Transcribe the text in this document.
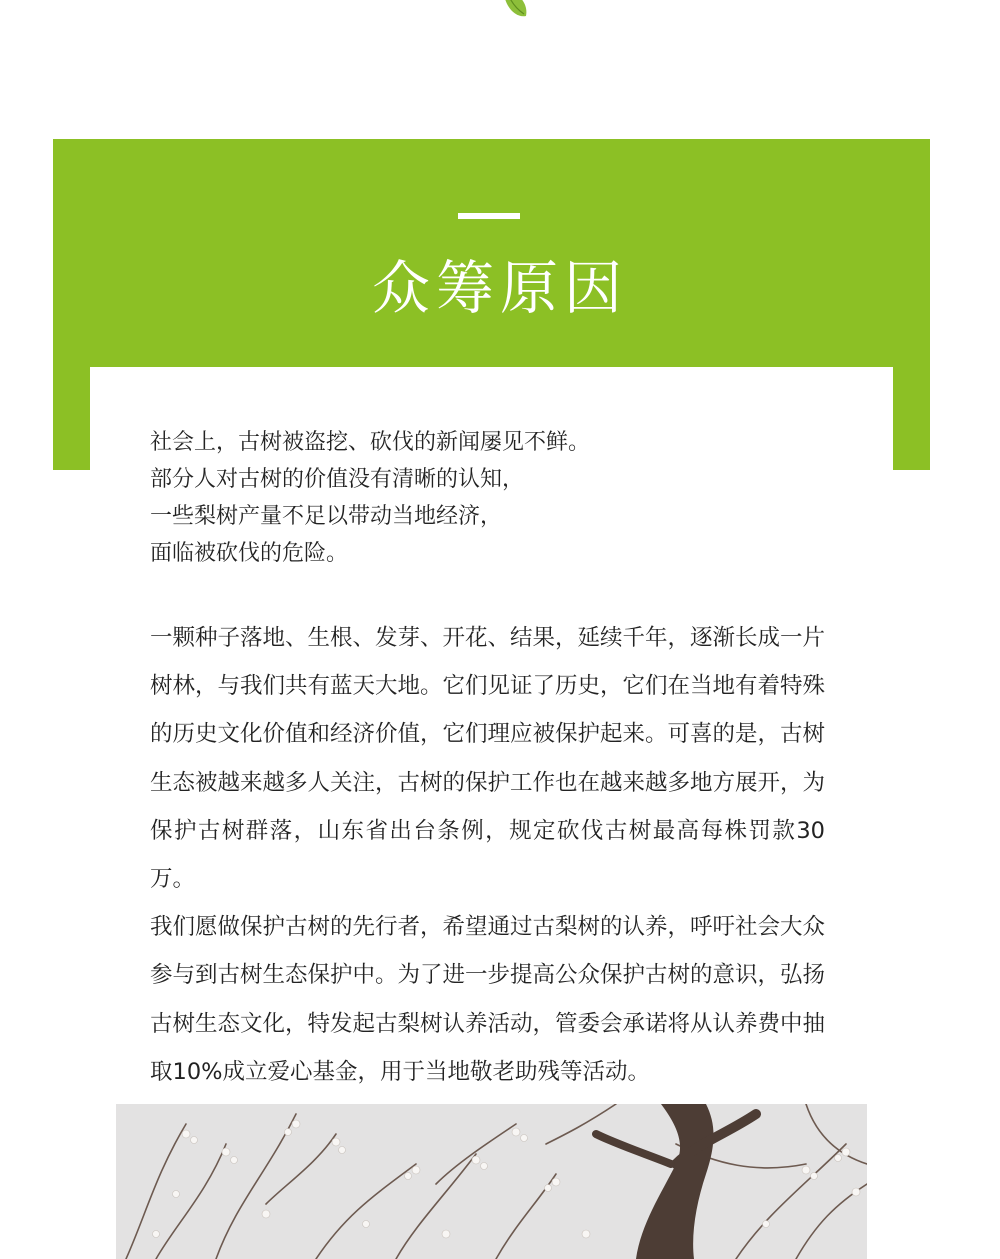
众筹原因
社会上，古树被盗挖、砍伐的新闻屡见不鲜。
部分人对古树的价值没有清晰的认知，
一些梨树产量不足以带动当地经济，
面临被砍伐的危险。

一颗种子落地、生根、发芽、开花、结果，延续千年，逐渐长成一片树林，与我们共有蓝天大地。它们见证了历史，它们在当地有着特殊的历史文化价值和经济价值，它们理应被保护起来。可喜的是，古树生态被越来越多人关注，古树的保护工作也在越来越多地方展开，为保护古树群落，山东省出台条例，规定砍伐古树最高每株罚款30万。

我们愿做保护古树的先行者，希望通过古梨树的认养，呼吁社会大众参与到古树生态保护中。为了进一步提高公众保护古树的意识，弘扬古树生态文化，特发起古梨树认养活动，管委会承诺将从认养费中抽取10%成立爱心基金，用于当地敬老助残等活动。
